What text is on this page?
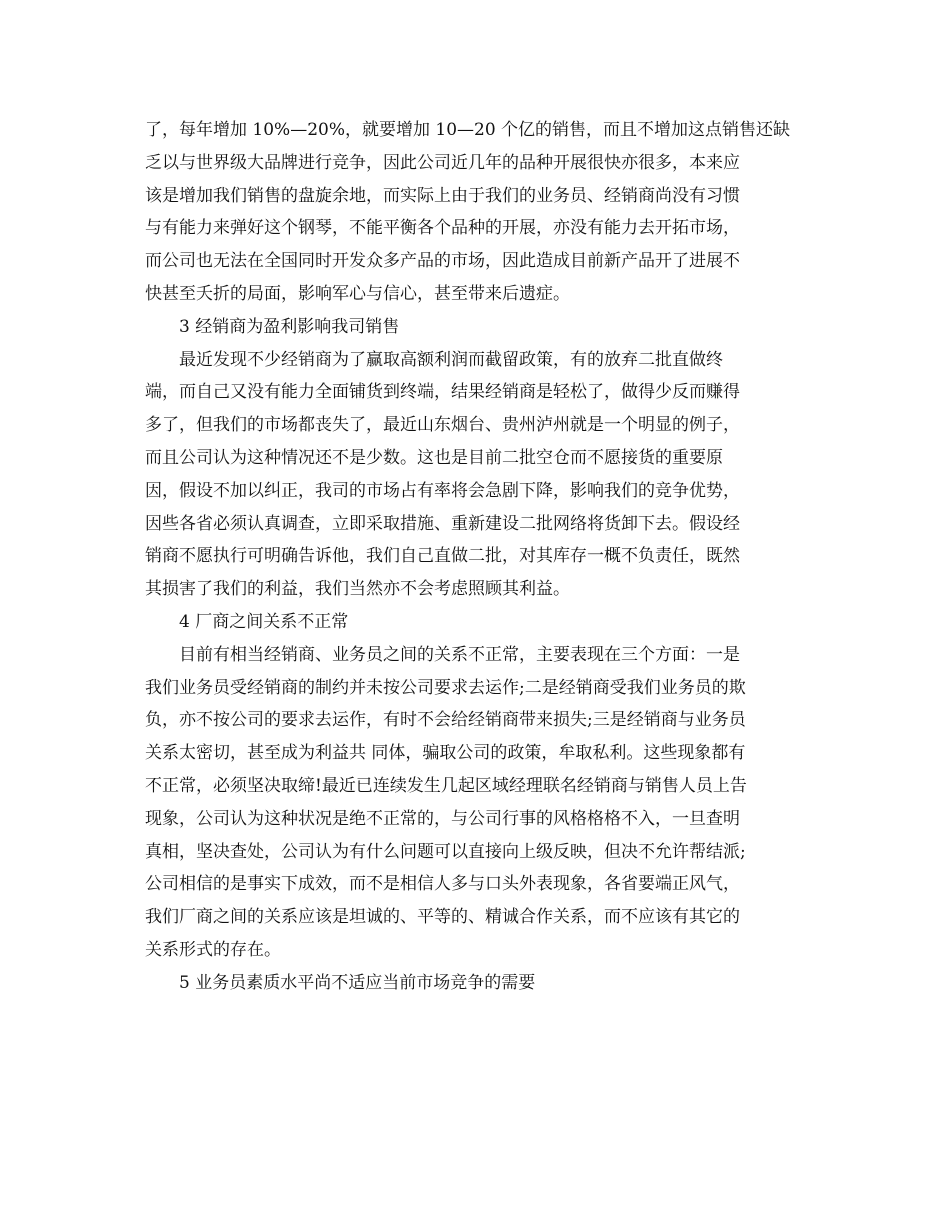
了，每年增加 10%—20%，就要增加 10—20 个亿的销售，而且不增加这点销售还缺
乏以与世界级大品牌进行竞争，因此公司近几年的品种开展很快亦很多，本来应
该是增加我们销售的盘旋余地，而实际上由于我们的业务员、经销商尚没有习惯
与有能力来弹好这个钢琴，不能平衡各个品种的开展，亦没有能力去开拓市场，
而公司也无法在全国同时开发众多产品的市场，因此造成目前新产品开了进展不
快甚至夭折的局面，影响军心与信心，甚至带来后遗症。

3 经销商为盈利影响我司销售

最近发现不少经销商为了赢取高额利润而截留政策，有的放弃二批直做终
端，而自己又没有能力全面铺货到终端，结果经销商是轻松了，做得少反而赚得
多了，但我们的市场都丧失了，最近山东烟台、贵州泸州就是一个明显的例子，
而且公司认为这种情况还不是少数。这也是目前二批空仓而不愿接货的重要原
因，假设不加以纠正，我司的市场占有率将会急剧下降，影响我们的竞争优势，
因些各省必须认真调查，立即采取措施、重新建设二批网络将货卸下去。假设经
销商不愿执行可明确告诉他，我们自己直做二批，对其库存一概不负责任，既然
其损害了我们的利益，我们当然亦不会考虑照顾其利益。

4 厂商之间关系不正常

目前有相当经销商、业务员之间的关系不正常，主要表现在三个方面：一是
我们业务员受经销商的制约并未按公司要求去运作;二是经销商受我们业务员的欺
负，亦不按公司的要求去运作，有时不会给经销商带来损失;三是经销商与业务员
关系太密切，甚至成为利益共 同体，骗取公司的政策，牟取私利。这些现象都有
不正常，必须坚决取缔!最近已连续发生几起区域经理联名经销商与销售人员上告
现象，公司认为这种状况是绝不正常的，与公司行事的风格格格不入，一旦查明
真相，坚决查处，公司认为有什么问题可以直接向上级反映，但决不允许帮结派;
公司相信的是事实下成效，而不是相信人多与口头外表现象，各省要端正风气，
我们厂商之间的关系应该是坦诚的、平等的、精诚合作关系，而不应该有其它的
关系形式的存在。

5 业务员素质水平尚不适应当前市场竞争的需要
